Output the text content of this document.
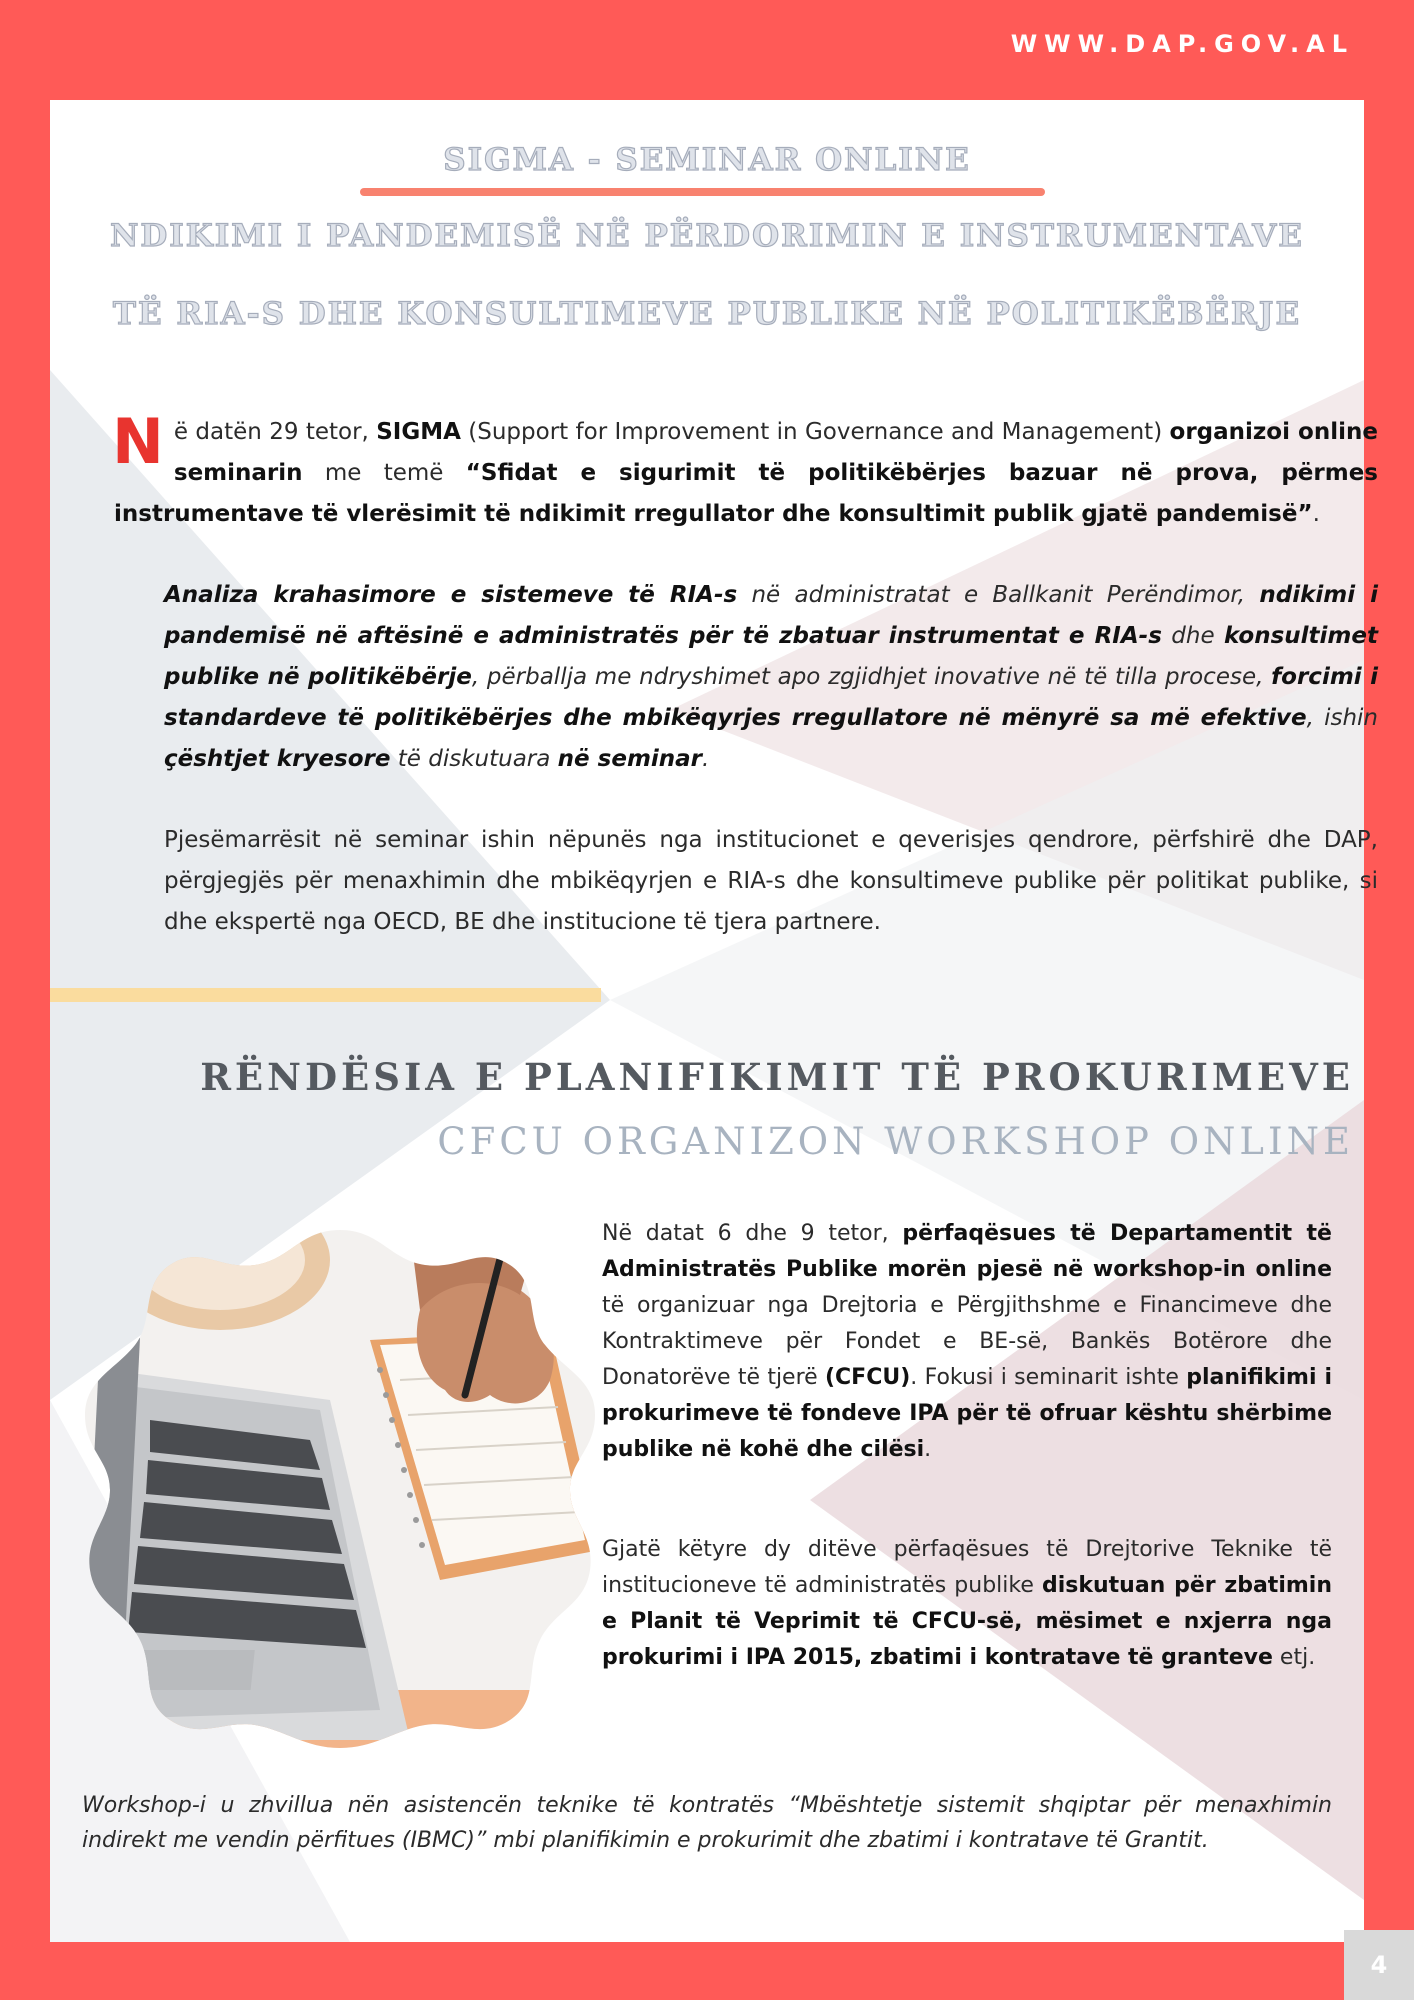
WWW.DAP.GOV.AL
SIGMA - SEMINAR ONLINE
NDIKIMI I PANDEMISË NË PËRDORIMIN E INSTRUMENTAVE
TË RIA-S DHE KONSULTIMEVE PUBLIKE NË POLITIKËBËRJE
N ë datën 29 tetor, SIGMA (Support for Improvement in Governance and Management) organizoi online seminarin me temë “Sfidat e sigurimit të politikëbërjes bazuar në prova, përmes instrumentave të vlerësimit të ndikimit rregullator dhe konsultimit publik gjatë pandemisë”.
Analiza krahasimore e sistemeve të RIA-s në administratat e Ballkanit Perëndimor, ndikimi i pandemisë në aftësinë e administratës për të zbatuar instrumentat e RIA-s dhe konsultimet publike në politikëbërje, përballja me ndryshimet apo zgjidhjet inovative në të tilla procese, forcimi i standardeve të politikëbërjes dhe mbikëqyrjes rregullatore në mënyrë sa më efektive, ishin çështjet kryesore të diskutuara në seminar.
Pjesëmarrësit në seminar ishin nëpunës nga institucionet e qeverisjes qendrore, përfshirë dhe DAP, përgjegjës për menaxhimin dhe mbikëqyrjen e RIA-s dhe konsultimeve publike për politikat publike, si dhe ekspertë nga OECD, BE dhe institucione të tjera partnere.
RËNDËSIA E PLANIFIKIMIT TË PROKURIMEVE
CFCU ORGANIZON WORKSHOP ONLINE
Në datat 6 dhe 9 tetor, përfaqësues të Departamentit të Administratës Publike morën pjesë në workshop-in online të organizuar nga Drejtoria e Përgjithshme e Financimeve dhe Kontraktimeve për Fondet e BE-së, Bankës Botërore dhe Donatorëve të tjerë (CFCU). Fokusi i seminarit ishte planifikimi i prokurimeve të fondeve IPA për të ofruar kështu shërbime publike në kohë dhe cilësi.
Gjatë këtyre dy ditëve përfaqësues të Drejtorive Teknike të institucioneve të administratës publike diskutuan për zbatimin e Planit të Veprimit të CFCU-së, mësimet e nxjerra nga prokurimi i IPA 2015, zbatimi i kontratave të granteve etj.
Workshop-i u zhvillua nën asistencën teknike të kontratës “Mbështetje sistemit shqiptar për menaxhimin indirekt me vendin përfitues (IBMC)” mbi planifikimin e prokurimit dhe zbatimi i kontratave të Grantit.
4
